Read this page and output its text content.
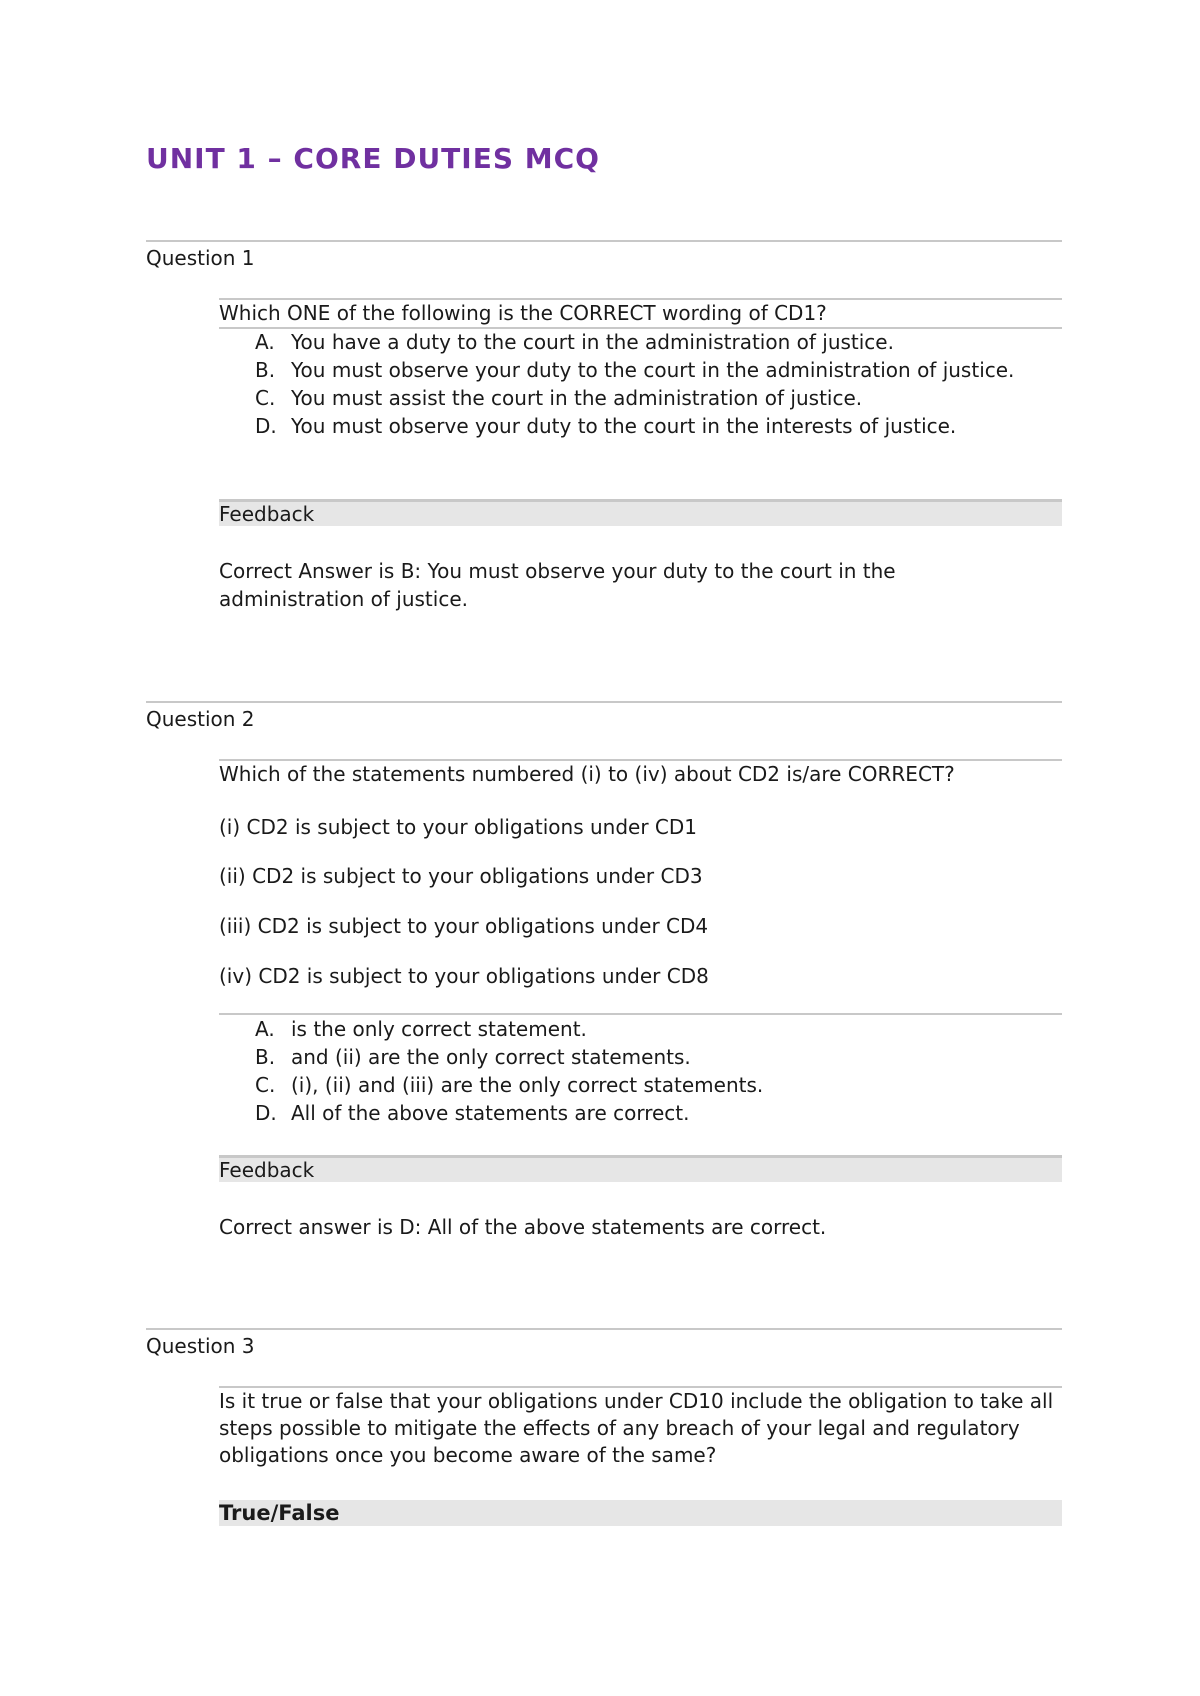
UNIT 1 – CORE DUTIES MCQ
Question 1
Which ONE of the following is the CORRECT wording of CD1?
A. You have a duty to the court in the administration of justice.
B. You must observe your duty to the court in the administration of justice.
C. You must assist the court in the administration of justice.
D. You must observe your duty to the court in the interests of justice.
Feedback
Correct Answer is B: You must observe your duty to the court in the administration of justice.
Question 2
Which of the statements numbered (i) to (iv) about CD2 is/are CORRECT?
(i) CD2 is subject to your obligations under CD1
(ii) CD2 is subject to your obligations under CD3
(iii) CD2 is subject to your obligations under CD4
(iv) CD2 is subject to your obligations under CD8
A. is the only correct statement.
B. and (ii) are the only correct statements.
C. (i), (ii) and (iii) are the only correct statements.
D. All of the above statements are correct.
Feedback
Correct answer is D: All of the above statements are correct.
Question 3
Is it true or false that your obligations under CD10 include the obligation to take all steps possible to mitigate the effects of any breach of your legal and regulatory obligations once you become aware of the same?
True/False
